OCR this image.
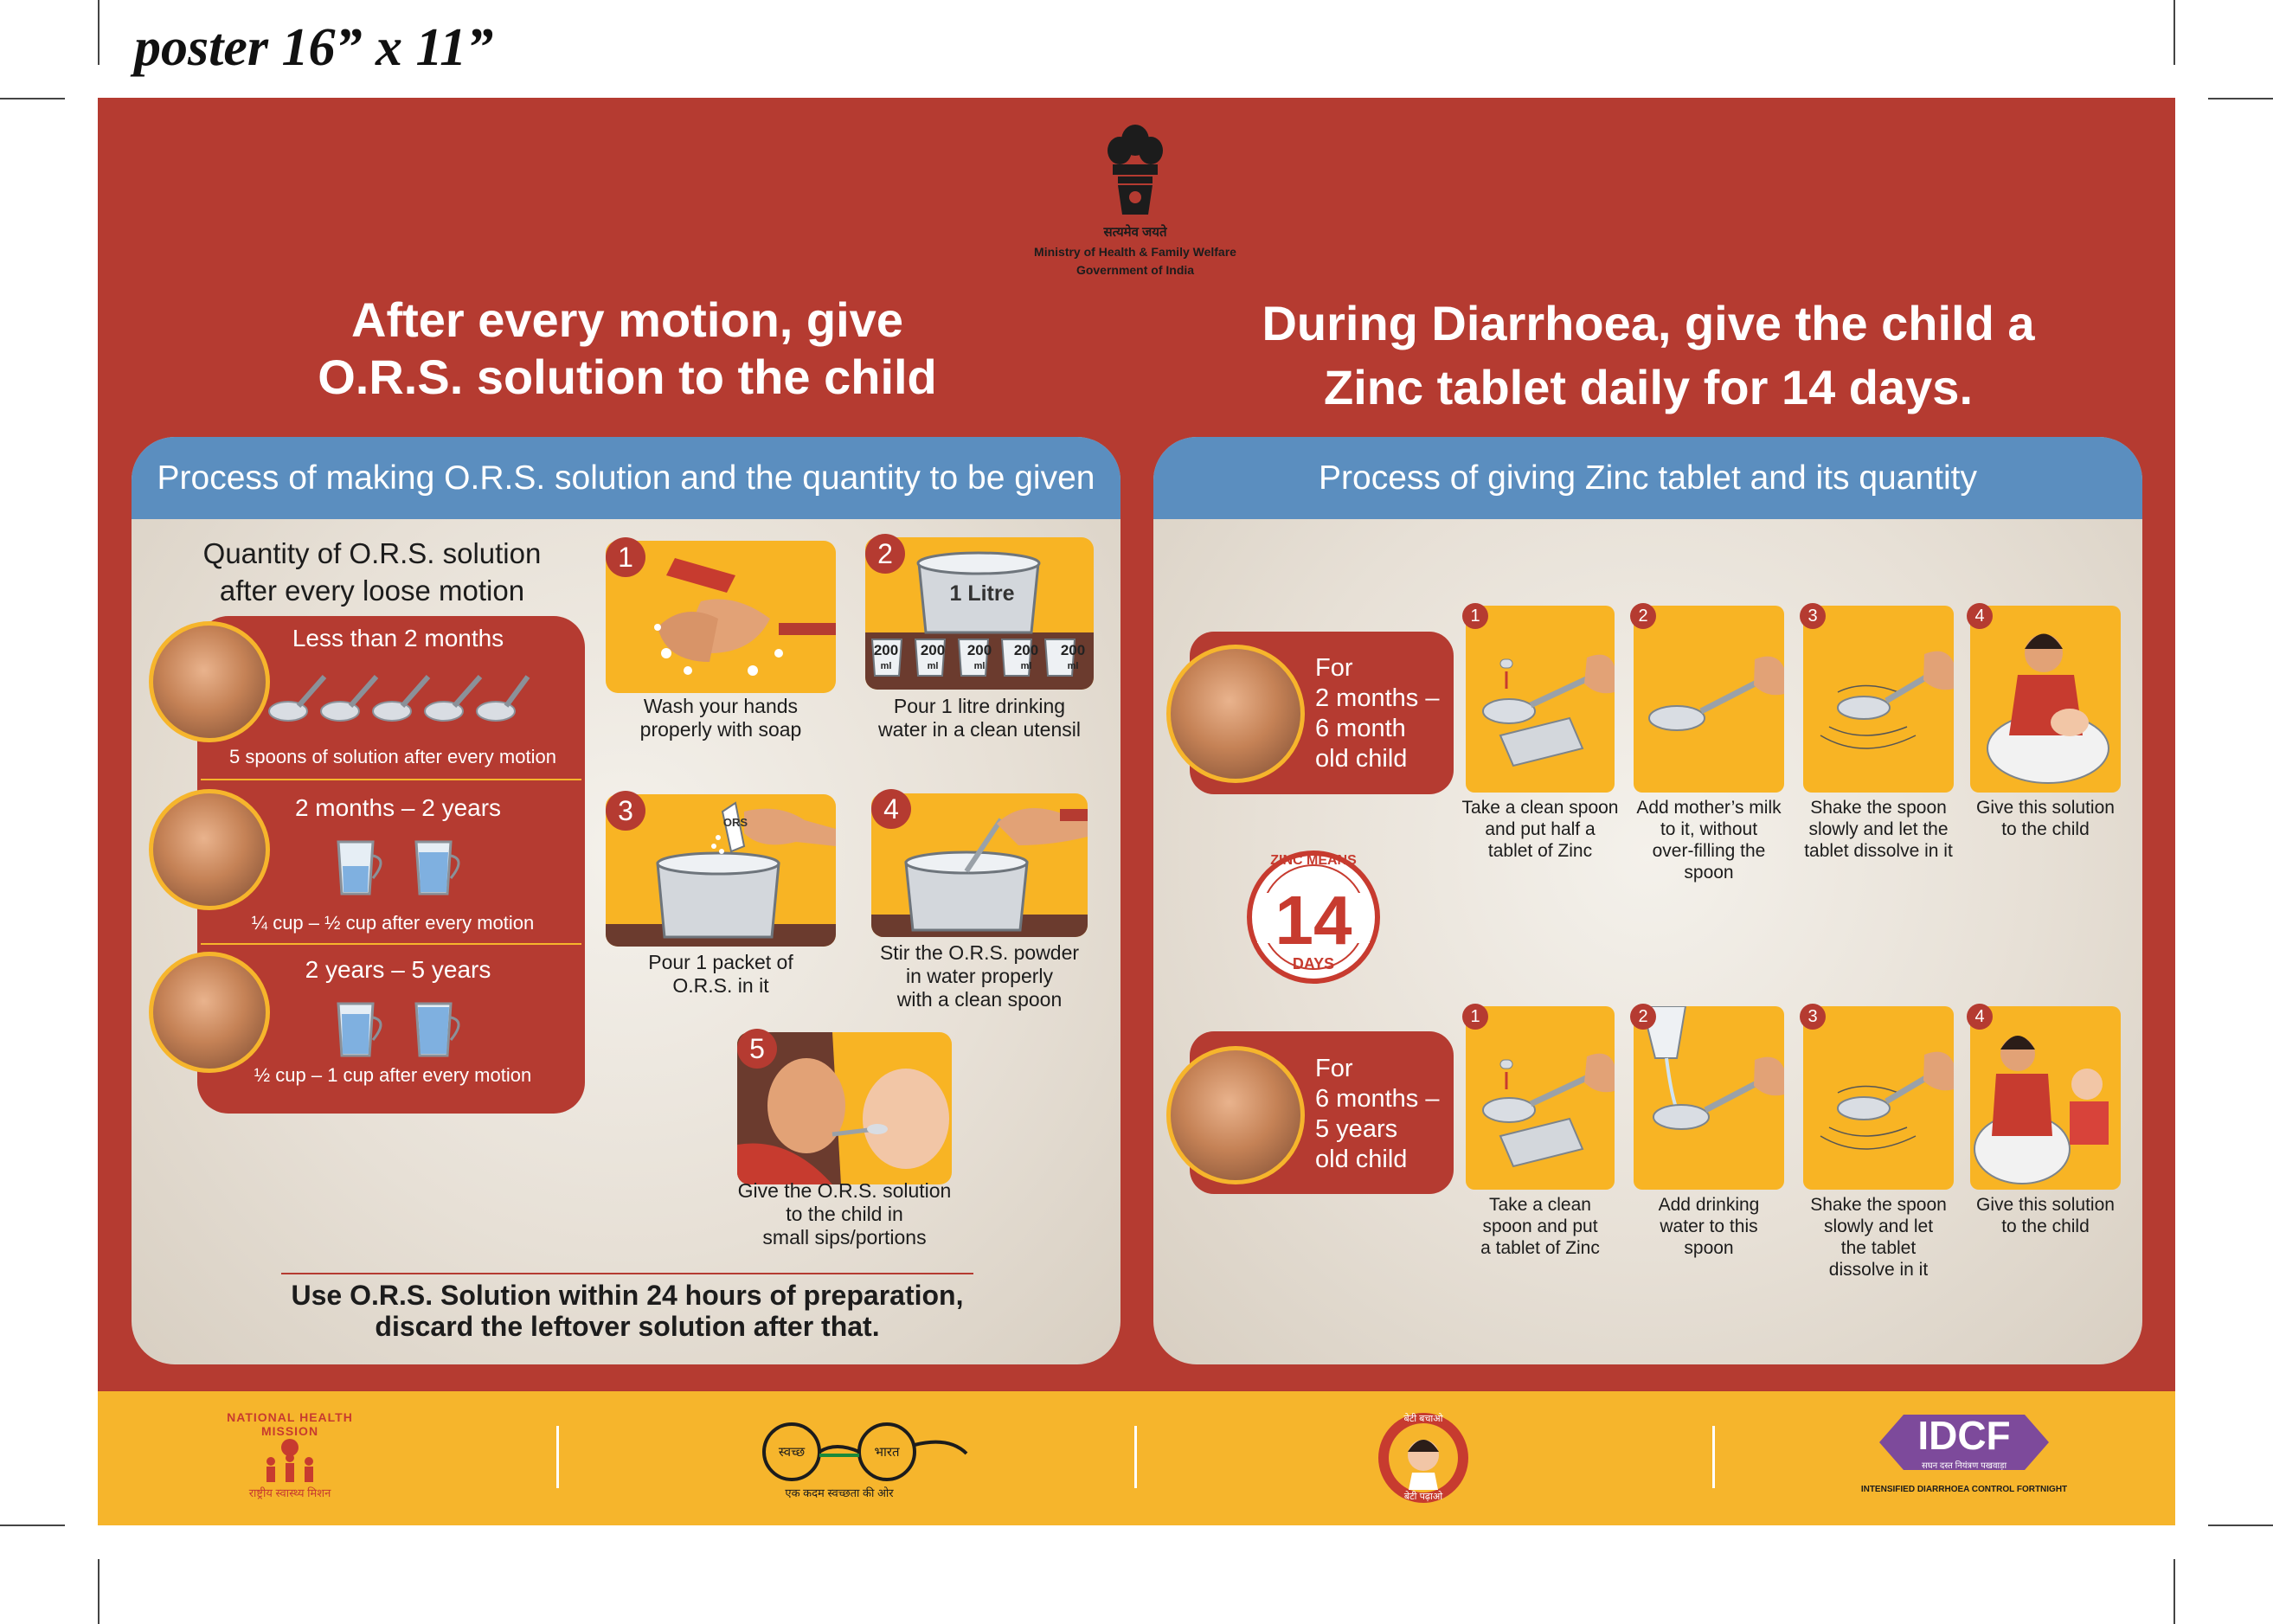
poster 16” x 11”
सत्यमेव जयते
Ministry of Health & Family Welfare
Government of India
After every motion, give
O.R.S. solution to the child
During Diarrhoea, give the child a
Zinc tablet daily for 14 days.
Process of making O.R.S. solution and the quantity to be given
Quantity of O.R.S. solution
after every loose motion
Less than 2 months
5 spoons of solution after every motion
2 months – 2 years
¼ cup – ½ cup after every motion
2 years – 5 years
½ cup – 1 cup after every motion
1
Wash your hands
properly with soap
2
1 Litre
200 200 200 200 200
ml	ml	ml	ml	ml
Pour 1 litre drinking
water in a clean utensil
3	ORS
Pour 1 packet of
O.R.S. in it
4
Stir the O.R.S. powder
in water properly
with a clean spoon
5
Give the O.R.S. solution
to the child in
small sips/portions
Use O.R.S. Solution within 24 hours of preparation,
discard the leftover solution after that.
Process of giving Zinc tablet and its quantity
For
2 months –
6 month
old child
1
Take a clean spoon
and put half a
tablet of Zinc
2
Add mother’s milk
to it, without
over-filling the
spoon
3
Shake the spoon
slowly and let the
tablet dissolve in it
4
Give this solution
to the child
ZINC MEANS
14
DAYS
For
6 months –
5 years
old child
1
Take a clean
spoon and put
a tablet of Zinc
2
Add drinking
water to this
spoon
3
Shake the spoon
slowly and let
the tablet
dissolve in it
4
Give this solution
to the child
NATIONAL HEALTH MISSION
राष्ट्रीय स्वास्थ्य मिशन
स्वच्छ	भारत
एक कदम स्वच्छता की ओर
बेटी बचाओ
बेटी पढ़ाओ
IDCF
सघन दस्त नियंत्रण पखवाड़ा
INTENSIFIED DIARRHOEA CONTROL FORTNIGHT
